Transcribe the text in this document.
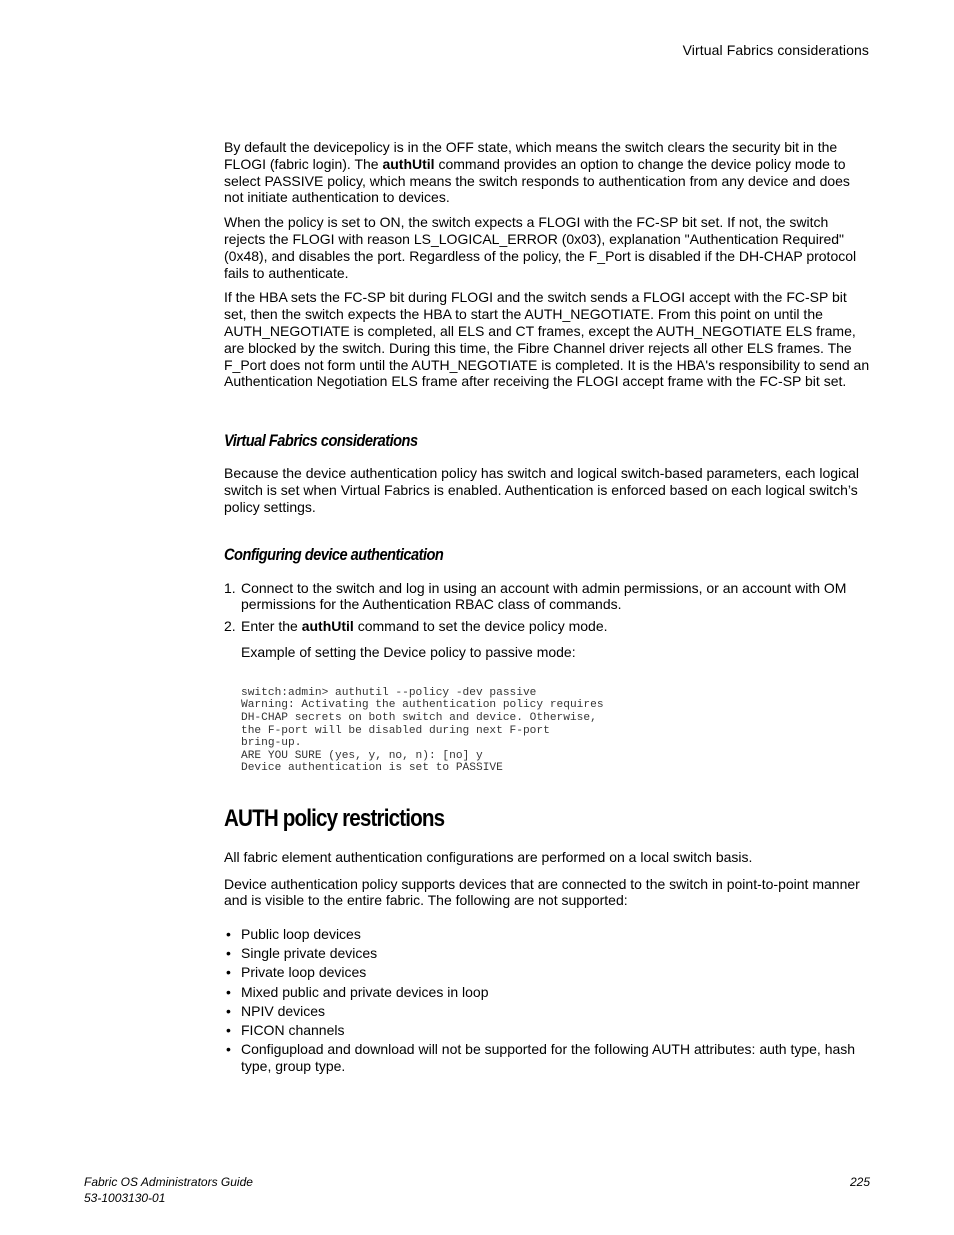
Virtual Fabrics considerations

By default the devicepolicy is in the OFF state, which means the switch clears the security bit in the FLOGI (fabric login). The authUtil command provides an option to change the device policy mode to select PASSIVE policy, which means the switch responds to authentication from any device and does not initiate authentication to devices.

When the policy is set to ON, the switch expects a FLOGI with the FC-SP bit set. If not, the switch rejects the FLOGI with reason LS_LOGICAL_ERROR (0x03), explanation "Authentication Required"(0x48), and disables the port. Regardless of the policy, the F_Port is disabled if the DH-CHAP protocol fails to authenticate.

If the HBA sets the FC-SP bit during FLOGI and the switch sends a FLOGI accept with the FC-SP bit set, then the switch expects the HBA to start the AUTH_NEGOTIATE. From this point on until the AUTH_NEGOTIATE is completed, all ELS and CT frames, except the AUTH_NEGOTIATE ELS frame, are blocked by the switch. During this time, the Fibre Channel driver rejects all other ELS frames. The F_Port does not form until the AUTH_NEGOTIATE is completed. It is the HBA's responsibility to send an Authentication Negotiation ELS frame after receiving the FLOGI accept frame with the FC-SP bit set.

Virtual Fabrics considerations

Because the device authentication policy has switch and logical switch-based parameters, each logical switch is set when Virtual Fabrics is enabled. Authentication is enforced based on each logical switch’s policy settings.

Configuring device authentication
1. Connect to the switch and log in using an account with admin permissions, or an account with OM permissions for the Authentication RBAC class of commands.
2. Enter the authUtil command to set the device policy mode.

Example of setting the Device policy to passive mode:

switch:admin> authutil --policy -dev passive
Warning: Activating the authentication policy requires
DH-CHAP secrets on both switch and device. Otherwise,
the F-port will be disabled during next F-port
bring-up.
ARE YOU SURE (yes, y, no, n): [no] y
Device authentication is set to PASSIVE
AUTH policy restrictions

All fabric element authentication configurations are performed on a local switch basis.

Device authentication policy supports devices that are connected to the switch in point-to-point manner and is visible to the entire fabric. The following are not supported:

• Public loop devices
• Single private devices
• Private loop devices
• Mixed public and private devices in loop
• NPIV devices
• FICON channels
• Configupload and download will not be supported for the following AUTH attributes: auth type, hash type, group type.
Fabric OS Administrators Guide
53-1003130-01
225
